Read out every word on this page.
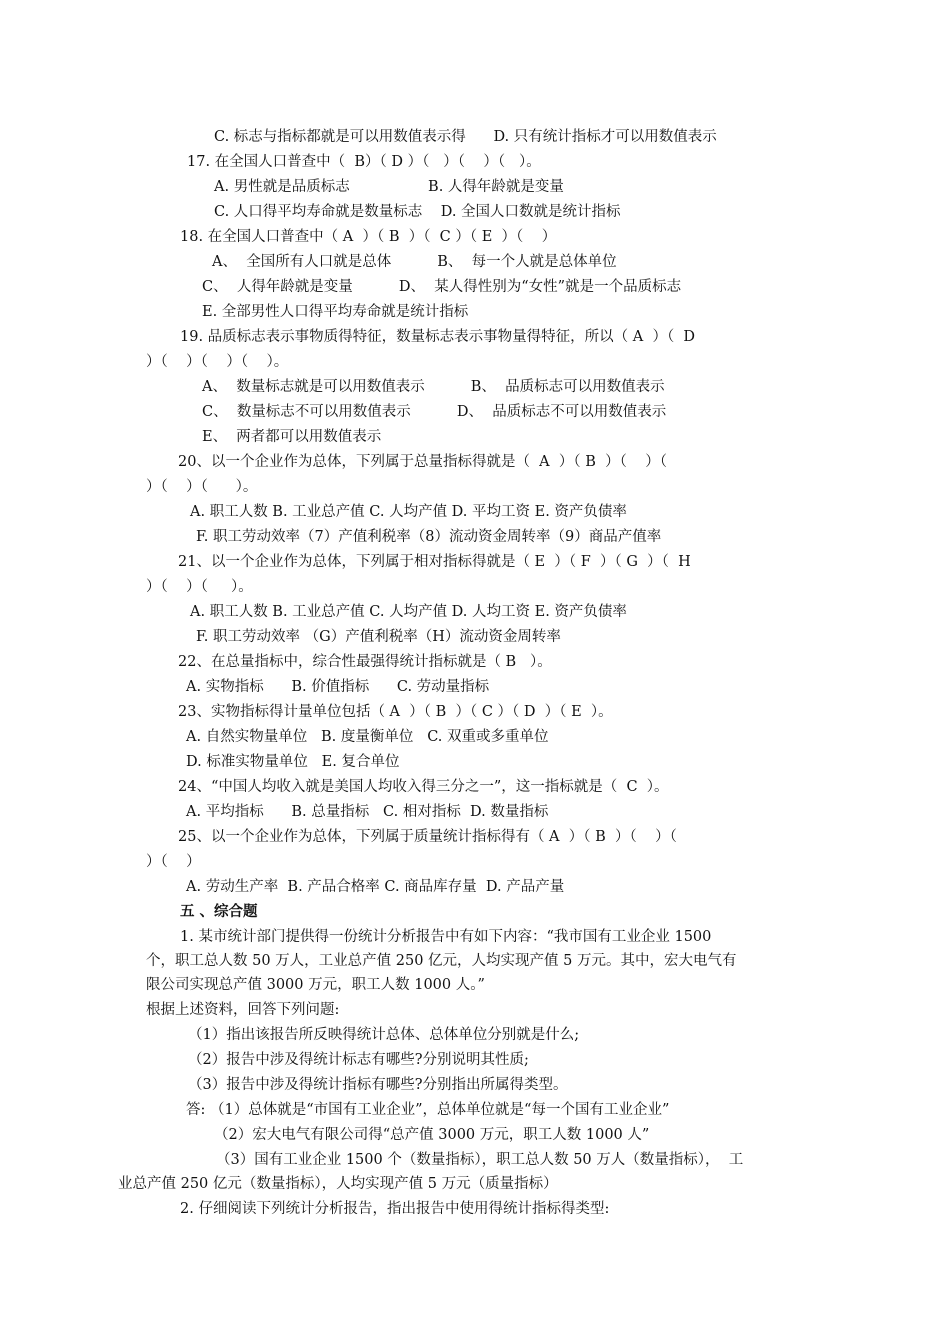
C. 标志与指标都就是可以用数值表示得      D. 只有统计指标才可以用数值表示
17. 在全国人口普查中（  B）（ D ）（   ）（    ）（   ）。
A. 男性就是品质标志                 B. 人得年龄就是变量
C. 人口得平均寿命就是数量标志    D. 全国人口数就是统计指标
18. 在全国人口普查中（ A  ）（ B  ）（  C ）（ E  ）（    ）
A、  全国所有人口就是总体          B、  每一个人就是总体单位
C、  人得年龄就是变量          D、  某人得性别为“女性”就是一个品质标志
E. 全部男性人口得平均寿命就是统计指标
19. 品质标志表示事物质得特征，数量标志表示事物量得特征，所以（ A  ）（  D
）（    ）（    ）（    ）。
A、  数量标志就是可以用数值表示          B、  品质标志可以用数值表示
C、  数量标志不可以用数值表示          D、  品质标志不可以用数值表示
E、  两者都可以用数值表示
20、以一个企业作为总体，下列属于总量指标得就是（  A  ）（ B  ）（    ）（
）（    ）（      ）。
A. 职工人数 B. 工业总产值 C. 人均产值 D. 平均工资 E. 资产负债率
F. 职工劳动效率（7）产值利税率（8）流动资金周转率（9）商品产值率
21、以一个企业作为总体，下列属于相对指标得就是（ E  ）（ F  ）（ G  ）（  H
）（    ）（     ）。
A. 职工人数 B. 工业总产值 C. 人均产值 D. 人均工资 E. 资产负债率
F. 职工劳动效率 （G）产值利税率（H）流动资金周转率
22、在总量指标中，综合性最强得统计指标就是（ B   ）。
A. 实物指标      B. 价值指标      C. 劳动量指标
23、实物指标得计量单位包括（ A  ）（ B  ）（ C ）（ D  ）（ E  ）。
A. 自然实物量单位   B. 度量衡单位   C. 双重或多重单位
D. 标准实物量单位   E. 复合单位
24、“中国人均收入就是美国人均收入得三分之一”，这一指标就是（  C  ）。
A. 平均指标      B. 总量指标   C. 相对指标  D. 数量指标
25、以一个企业作为总体，下列属于质量统计指标得有（ A  ）（ B  ）（    ）（
）（    ）
A. 劳动生产率  B. 产品合格率 C. 商品库存量  D. 产品产量
五 、综合题
1. 某市统计部门提供得一份统计分析报告中有如下内容：“我市国有工业企业 1500
个，职工总人数 50 万人，工业总产值 250 亿元，人均实现产值 5 万元。其中，宏大电气有
限公司实现总产值 3000 万元，职工人数 1000 人。”
根据上述资料，回答下列问题:
（1）指出该报告所反映得统计总体、总体单位分别就是什么;
（2）报告中涉及得统计标志有哪些?分别说明其性质;
（3）报告中涉及得统计指标有哪些?分别指出所属得类型。
答: （1）总体就是“市国有工业企业”，总体单位就是“每一个国有工业企业”
（2）宏大电气有限公司得“总产值 3000 万元，职工人数 1000 人”
（3）国有工业企业 1500 个（数量指标），职工总人数 50 万人（数量指标），  工
业总产值 250 亿元（数量指标），人均实现产值 5 万元（质量指标）
2. 仔细阅读下列统计分析报告，指出报告中使用得统计指标得类型:
